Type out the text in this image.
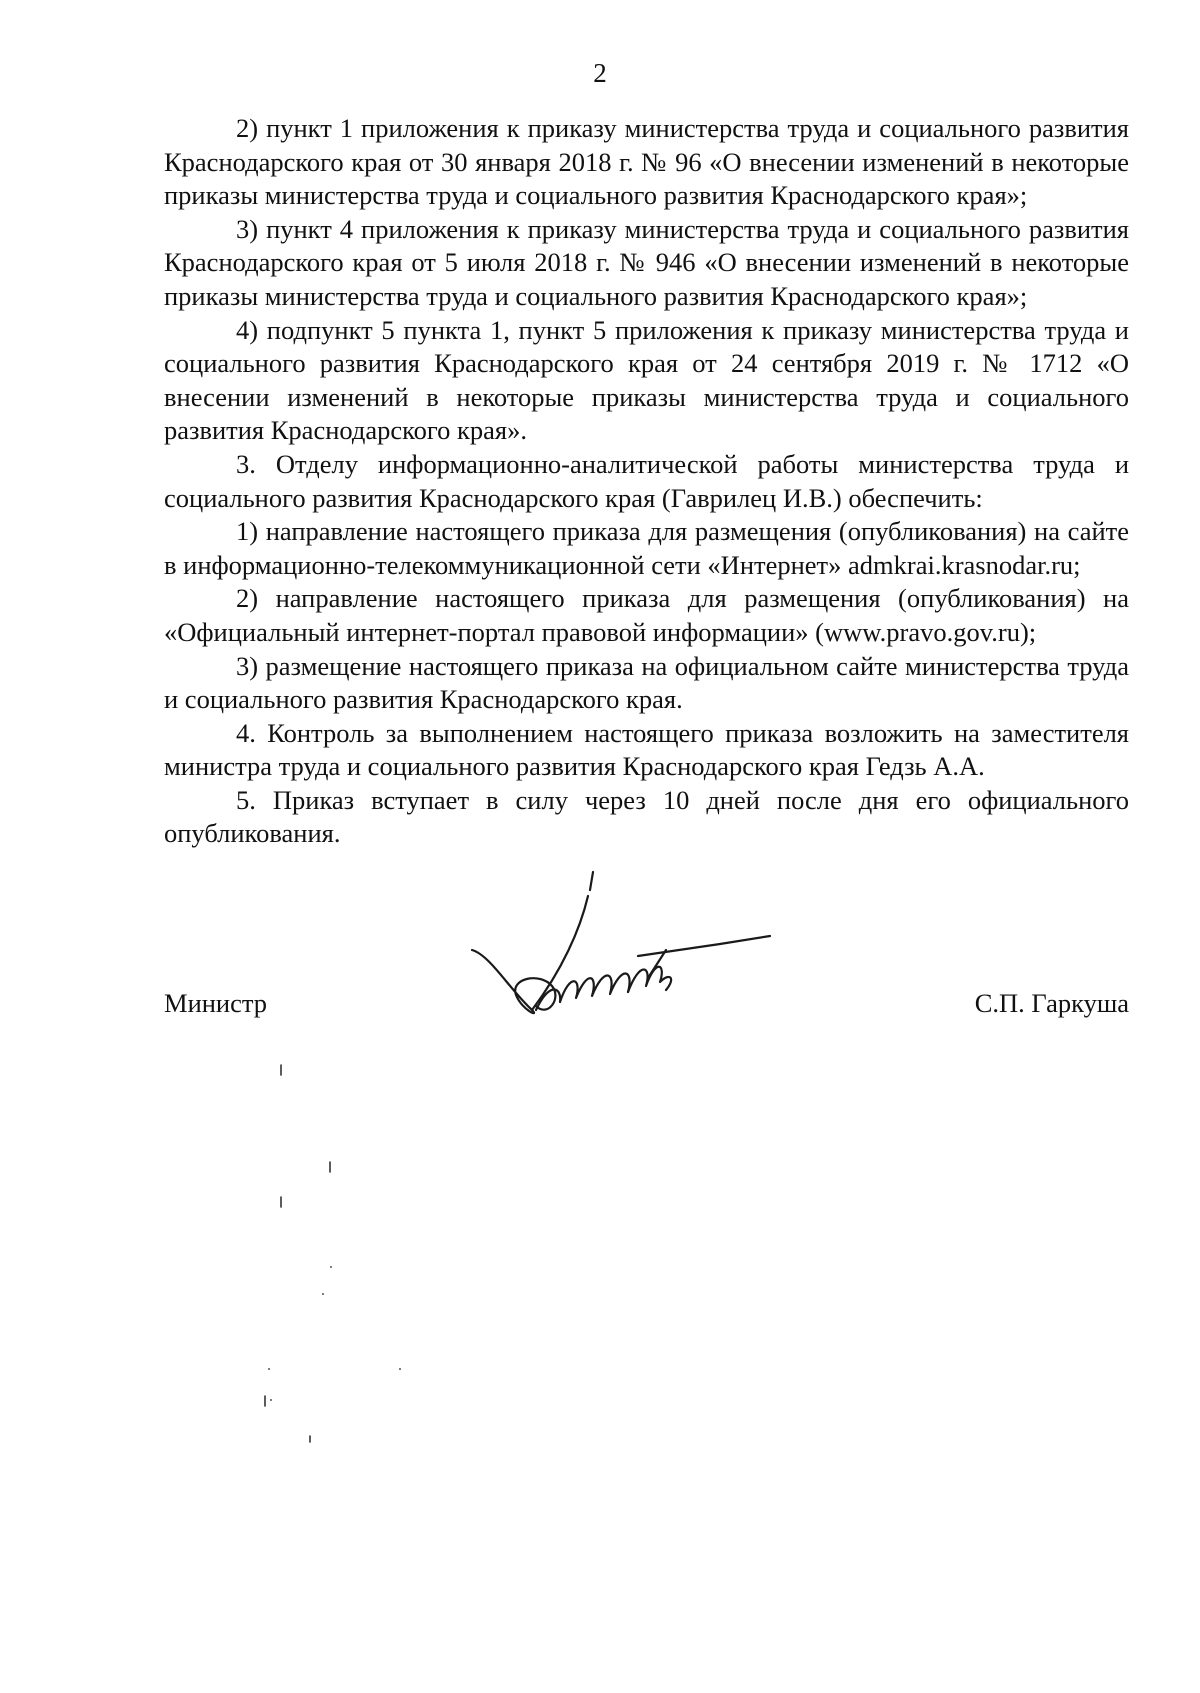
2

2) пункт 1 приложения к приказу министерства труда и социального развития Краснодарского края от 30 января 2018 г. № 96 «О внесении изменений в некоторые приказы министерства труда и социального развития Краснодарского края»;

3) пункт 4 приложения к приказу министерства труда и социального развития Краснодарского края от 5 июля 2018 г. № 946 «О внесении изменений в некоторые приказы министерства труда и социального развития Краснодарского края»;

4) подпункт 5 пункта 1, пункт 5 приложения к приказу министерства труда и социального развития Краснодарского края от 24 сентября 2019 г. № 1712 «О внесении изменений в некоторые приказы министерства труда и социального развития Краснодарского края».

3. Отделу информационно-аналитической работы министерства труда и социального развития Краснодарского края (Гаврилец И.В.) обеспечить:

1) направление настоящего приказа для размещения (опубликования) на сайте в информационно-телекоммуникационной сети «Интернет» admkrai.krasnodar.ru;

2) направление настоящего приказа для размещения (опубликования) на «Официальный интернет-портал правовой информации» (www.pravo.gov.ru);

3) размещение настоящего приказа на официальном сайте министерства труда и социального развития Краснодарского края.

4. Контроль за выполнением настоящего приказа возложить на заместителя министра труда и социального развития Краснодарского края Гедзь А.А.

5. Приказ вступает в силу через 10 дней после дня его официального опубликования.

Министр	С.П. Гаркуша
